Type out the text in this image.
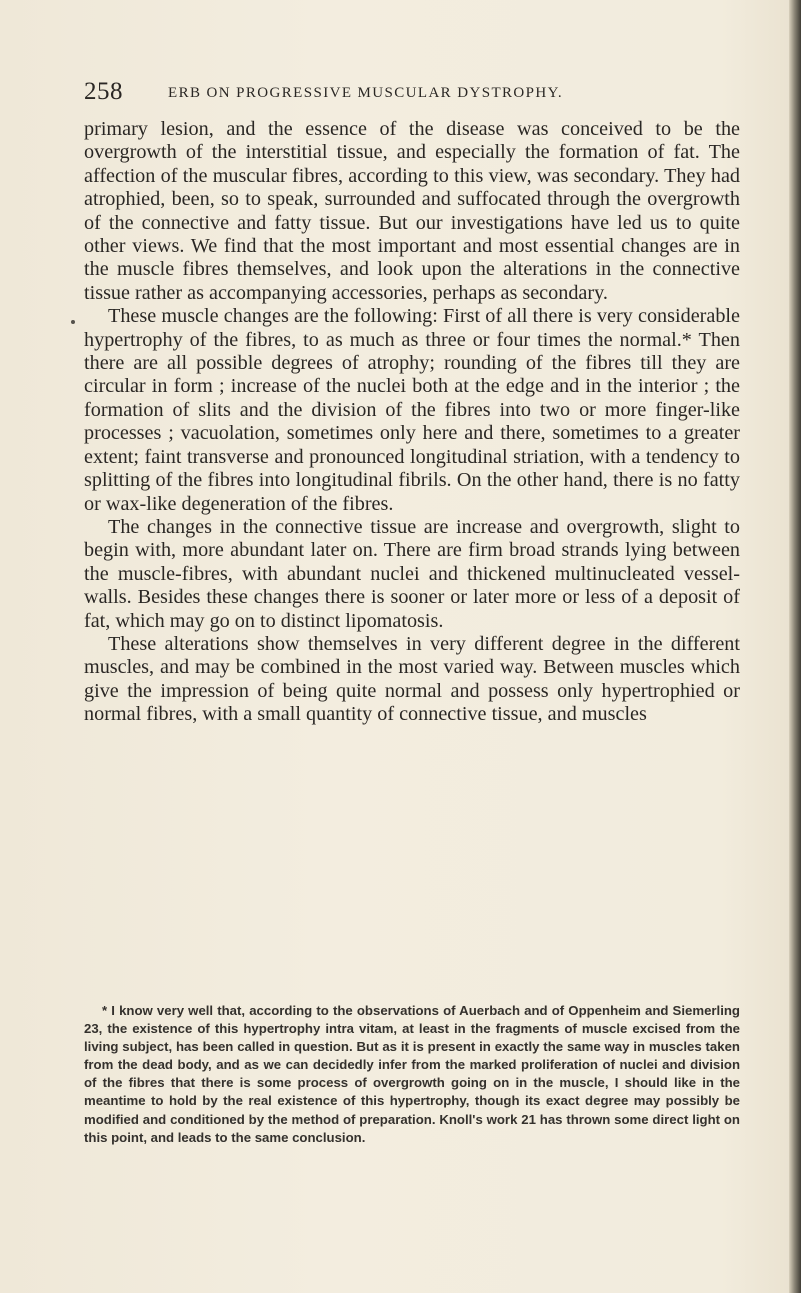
258	ERB ON PROGRESSIVE MUSCULAR DYSTROPHY.

primary lesion, and the essence of the disease was conceived to be the overgrowth of the interstitial tissue, and especially the formation of fat. The affection of the muscular fibres, according to this view, was secondary. They had atrophied, been, so to speak, surrounded and suffocated through the overgrowth of the connective and fatty tissue. But our investigations have led us to quite other views. We find that the most important and most essential changes are in the muscle fibres themselves, and look upon the alterations in the connective tissue rather as accompanying accessories, perhaps as secondary.

These muscle changes are the following: First of all there is very considerable hypertrophy of the fibres, to as much as three or four times the normal.* Then there are all possible degrees of atrophy; rounding of the fibres till they are circular in form ; increase of the nuclei both at the edge and in the interior ; the formation of slits and the division of the fibres into two or more finger-like processes ; vacuolation, sometimes only here and there, sometimes to a greater extent; faint transverse and pronounced longitudinal striation, with a tendency to splitting of the fibres into longitudinal fibrils. On the other hand, there is no fatty or wax-like degeneration of the fibres.

The changes in the connective tissue are increase and overgrowth, slight to begin with, more abundant later on. There are firm broad strands lying between the muscle-fibres, with abundant nuclei and thickened multinucleated vessel-walls. Besides these changes there is sooner or later more or less of a deposit of fat, which may go on to distinct lipomatosis.

These alterations show themselves in very different degree in the different muscles, and may be combined in the most varied way. Between muscles which give the impression of being quite normal and possess only hypertrophied or normal fibres, with a small quantity of connective tissue, and muscles

* I know very well that, according to the observations of Auerbach and of Oppenheim and Siemerling 23, the existence of this hypertrophy intra vitam, at least in the fragments of muscle excised from the living subject, has been called in question. But as it is present in exactly the same way in muscles taken from the dead body, and as we can decidedly infer from the marked proliferation of nuclei and division of the fibres that there is some process of overgrowth going on in the muscle, I should like in the meantime to hold by the real existence of this hypertrophy, though its exact degree may possibly be modified and conditioned by the method of preparation. Knoll's work 21 has thrown some direct light on this point, and leads to the same conclusion.
